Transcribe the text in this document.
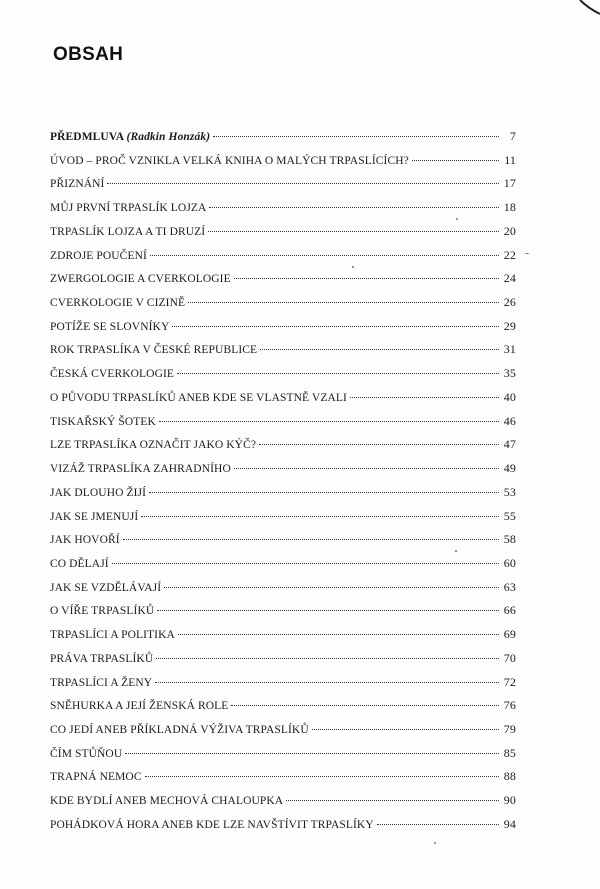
OBSAH
PŘEDMLUVA (Radkin Honzák)	7
ÚVOD – PROČ VZNIKLA VELKÁ KNIHA O MALÝCH TRPASLÍCÍCH?	11
PŘIZNÁNÍ	17
MŮJ PRVNÍ TRPASLÍK LOJZA	18
TRPASLÍK LOJZA A TI DRUZÍ	20
ZDROJE POUČENÍ	22
ZWERGOLOGIE A CVERKOLOGIE	24
CVERKOLOGIE V CIZINĚ	26
POTÍŽE SE SLOVNÍKY	29
ROK TRPASLÍKA V ČESKÉ REPUBLICE	31
ČESKÁ CVERKOLOGIE	35
O PŮVODU TRPASLÍKŮ ANEB KDE SE VLASTNĚ VZALI	40
TISKAŘSKÝ ŠOTEK	46
LZE TRPASLÍKA OZNAČIT JAKO KÝČ?	47
VIZÁŽ TRPASLÍKA ZAHRADNÍHO	49
JAK DLOUHO ŽIJÍ	53
JAK SE JMENUJÍ	55
JAK HOVOŘÍ	58
CO DĚLAJÍ	60
JAK SE VZDĚLÁVAJÍ	63
O VÍŘE TRPASLÍKŮ	66
TRPASLÍCI A POLITIKA	69
PRÁVA TRPASLÍKŮ	70
TRPASLÍCI A ŽENY	72
SNĚHURKA A JEJÍ ŽENSKÁ ROLE	76
CO JEDÍ ANEB PŘÍKLADNÁ VÝŽIVA TRPASLÍKŮ	79
ČÍM STŮŇOU	85
TRAPNÁ NEMOC	88
KDE BYDLÍ ANEB MECHOVÁ CHALOUPKA	90
POHÁDKOVÁ HORA ANEB KDE LZE NAVŠTÍVIT TRPASLÍKY	94
